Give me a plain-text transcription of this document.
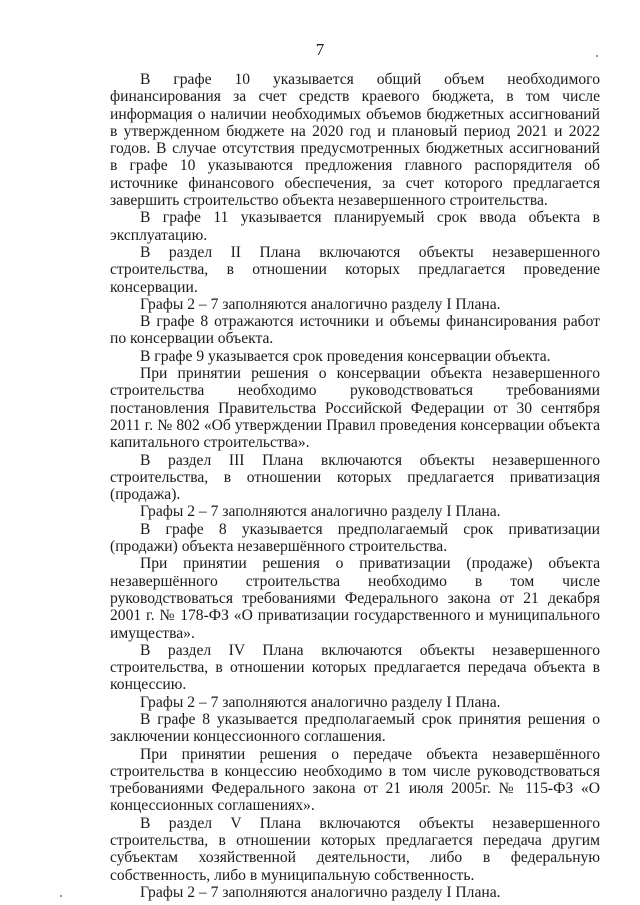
7

В графе 10 указывается общий объем необходимого финансирования за счет средств краевого бюджета, в том числе информация о наличии необходимых объемов бюджетных ассигнований в утвержденном бюджете на 2020 год и плановый период 2021 и 2022 годов. В случае отсутствия предусмотренных бюджетных ассигнований в графе 10 указываются предложения главного распорядителя об источнике финансового обеспечения, за счет которого предлагается завершить строительство объекта незавершенного строительства.

В графе 11 указывается планируемый срок ввода объекта в эксплуатацию.

В раздел II Плана включаются объекты незавершенного строительства, в отношении которых предлагается проведение консервации.

Графы 2 – 7 заполняются аналогично разделу I Плана.

В графе 8 отражаются источники и объемы финансирования работ по консервации объекта.

В графе 9 указывается срок проведения консервации объекта.

При принятии решения о консервации объекта незавершенного строительства необходимо руководствоваться требованиями постановления Правительства Российской Федерации от 30 сентября 2011 г. № 802 «Об утверждении Правил проведения консервации объекта капитального строительства».

В раздел III Плана включаются объекты незавершенного строительства, в отношении которых предлагается приватизация (продажа).

Графы 2 – 7 заполняются аналогично разделу I Плана.

В графе 8 указывается предполагаемый срок приватизации (продажи) объекта незавершённого строительства.

При принятии решения о приватизации (продаже) объекта незавершённого строительства необходимо в том числе руководствоваться требованиями Федерального закона от 21 декабря 2001 г. № 178-ФЗ «О приватизации государственного и муниципального имущества».

В раздел IV Плана включаются объекты незавершенного строительства, в отношении которых предлагается передача объекта в концессию.

Графы 2 – 7 заполняются аналогично разделу I Плана.

В графе 8 указывается предполагаемый срок принятия решения о заключении концессионного соглашения.

При принятии решения о передаче объекта незавершённого строительства в концессию необходимо в том числе руководствоваться требованиями Федерального закона от 21 июля 2005г. № 115-ФЗ «О концессионных соглашениях».

В раздел V Плана включаются объекты незавершенного строительства, в отношении которых предлагается передача другим субъектам хозяйственной деятельности, либо в федеральную собственность, либо в муниципальную собственность.

Графы 2 – 7 заполняются аналогично разделу I Плана.
